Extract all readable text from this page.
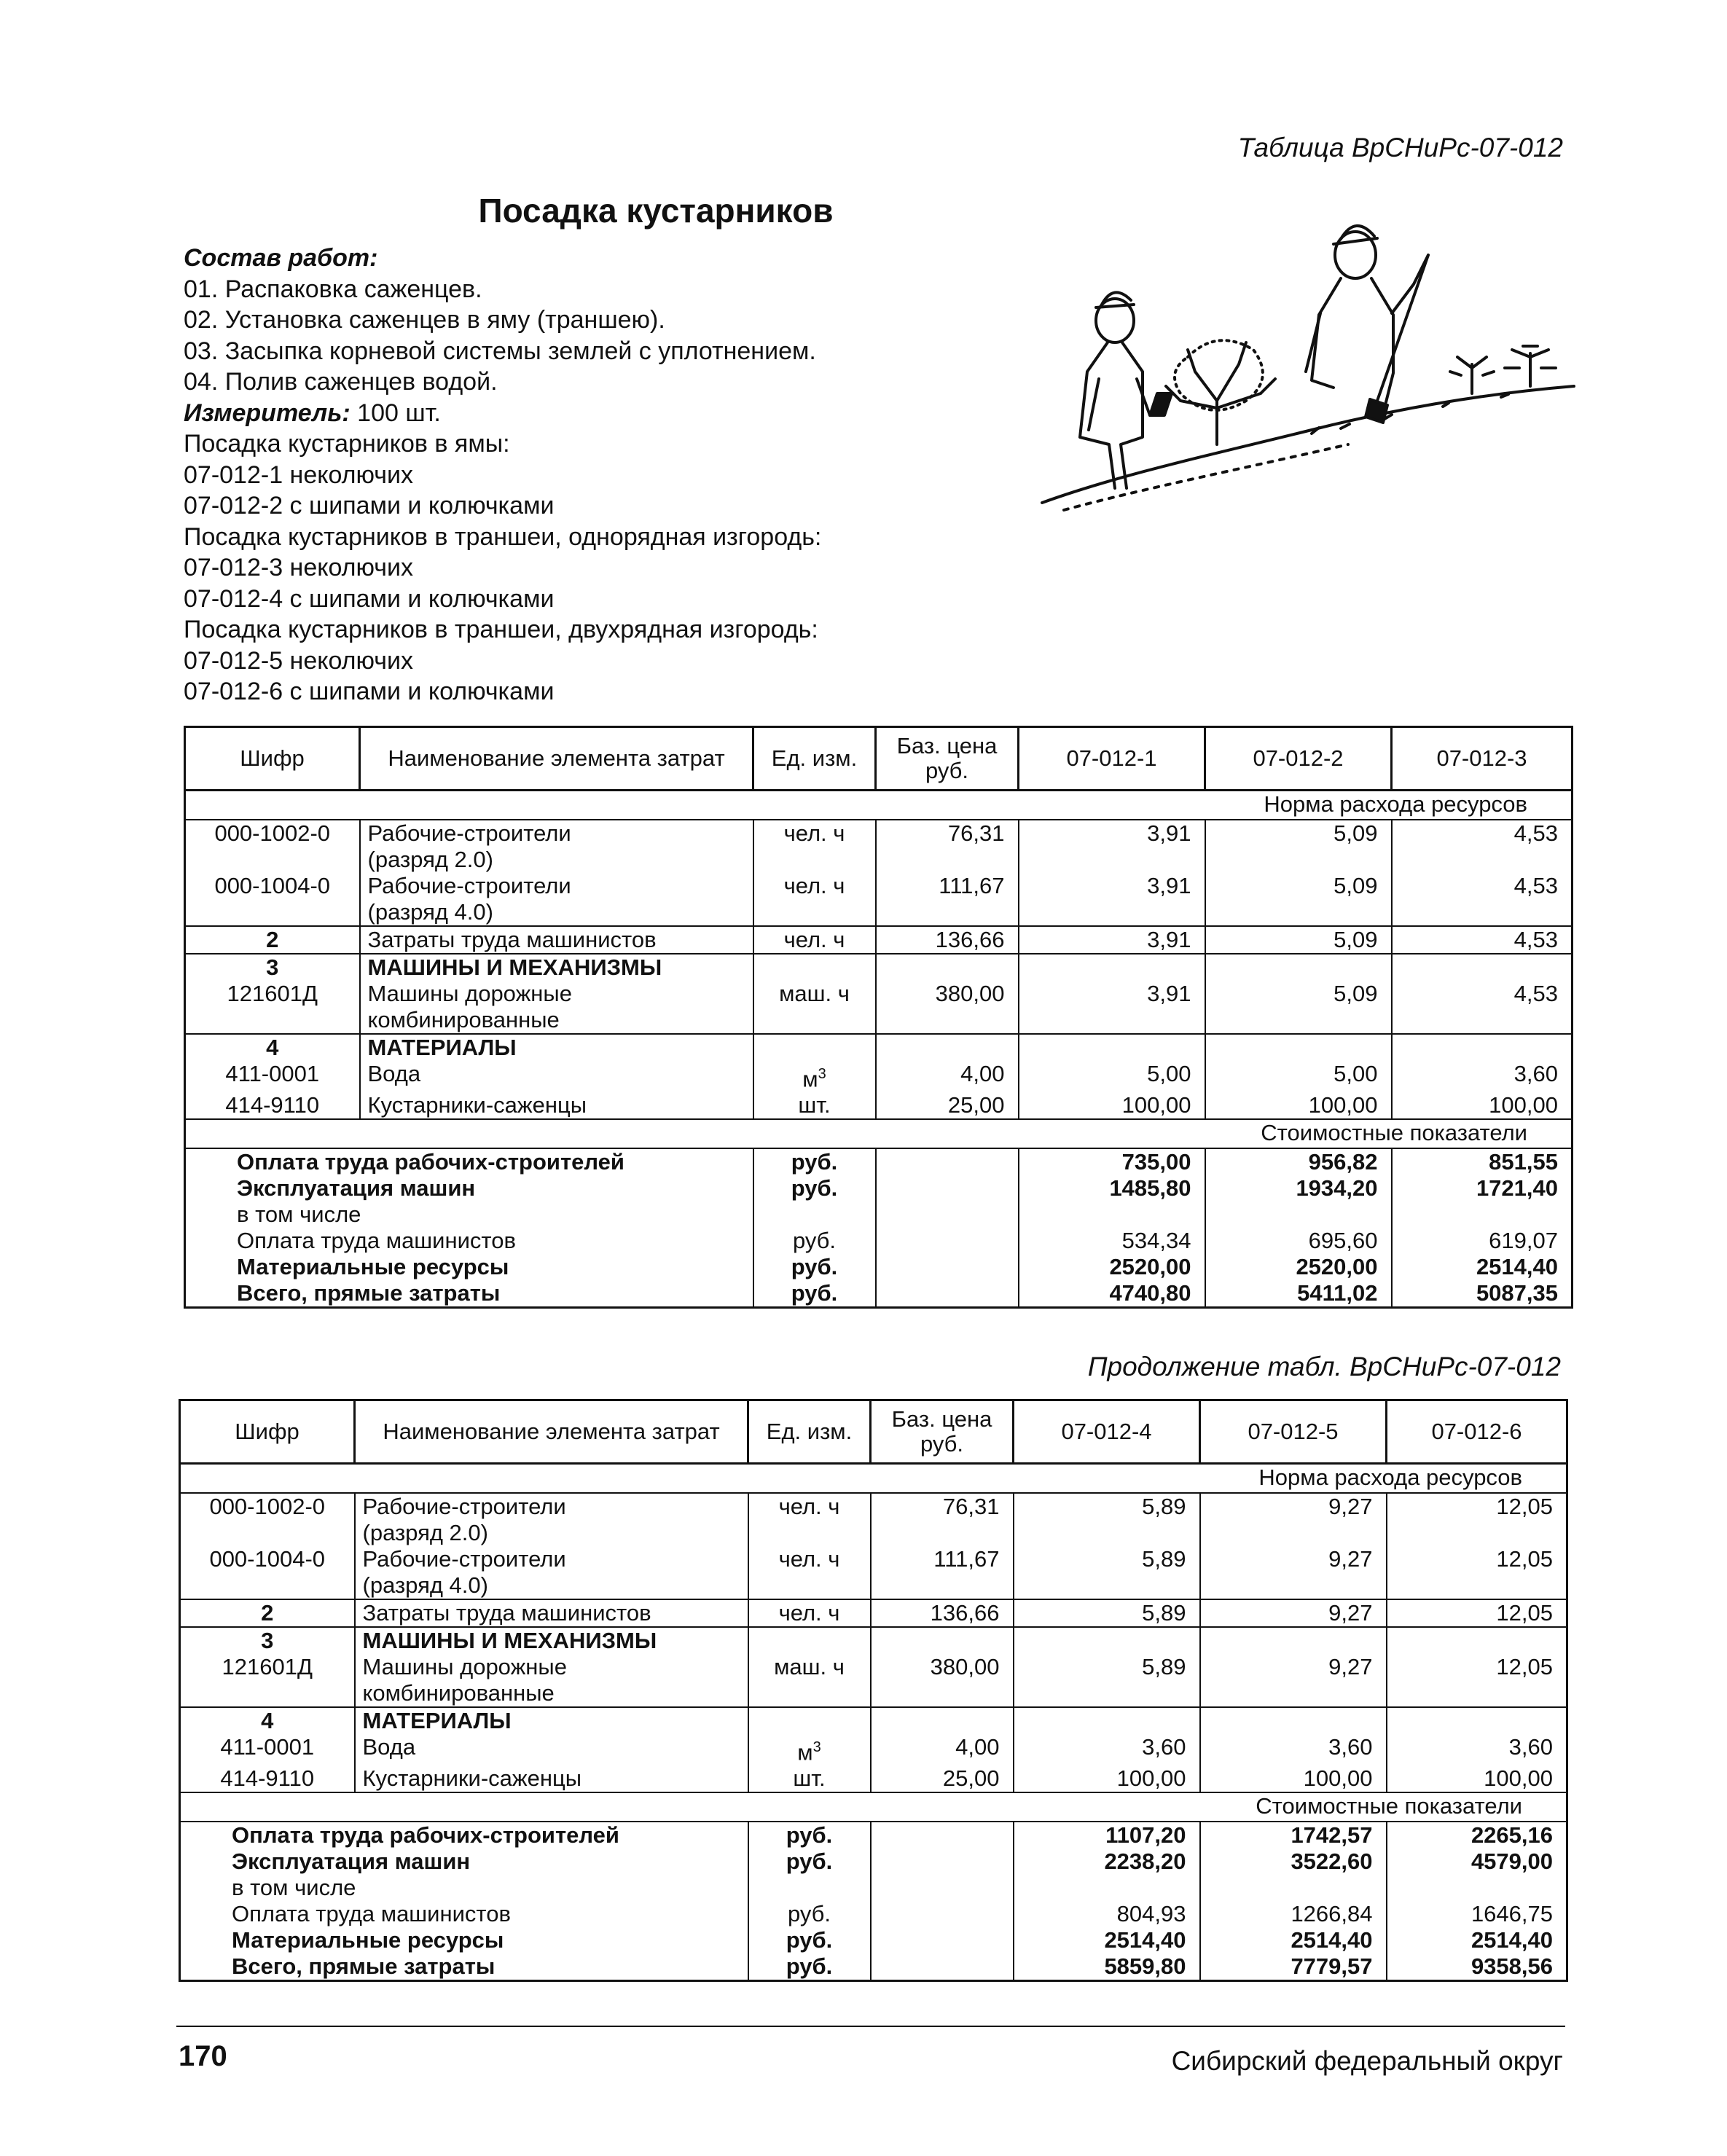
Таблица ВрСНиРс-07-012
Посадка кустарников
Состав работ:
01. Распаковка саженцев.
02. Установка саженцев в яму (траншею).
03. Засыпка корневой системы землей с уплотнением.
04. Полив саженцев водой.
Измеритель: 100 шт.
Посадка кустарников в ямы:
07-012-1 неколючих
07-012-2 с шипами и колючками
Посадка кустарников в траншеи, однорядная изгородь:
07-012-3 неколючих
07-012-4 с шипами и колючками
Посадка кустарников в траншеи, двухрядная изгородь:
07-012-5 неколючих
07-012-6 с шипами и колючками
Шифр	Наименование элемента затрат	Ед. изм.	Баз. цена руб.	07-012-1	07-012-2	07-012-3
Норма расхода ресурсов						
000-1002-0	Рабочие-строители
(разряд 2.0)	чел. ч	76,31	3,91	5,09	4,53
000-1004-0	Рабочие-строители
(разряд 4.0)	чел. ч	111,67	3,91	5,09	4,53
2	Затраты труда машинистов	чел. ч	136,66	3,91	5,09	4,53
3	МАШИНЫ И МЕХАНИЗМЫ					
121601Д	Машины дорожные
комбинированные	маш. ч	380,00	3,91	5,09	4,53
4	МАТЕРИАЛЫ					
411-0001	Вода	$м^3$	4,00	5,00	5,00	3,60
414-9110	Кустарники-саженцы	шт.	25,00	100,00	100,00	100,00
Стоимостные показатели						
Оплата труда рабочих-строителей		руб.		735,00	956,82	851,55
Эксплуатация машин		руб.		1485,80	1934,20	1721,40
в том числе						
Оплата труда машинистов		руб.		534,34	695,60	619,07
Материальные ресурсы		руб.		2520,00	2520,00	2514,40
Всего, прямые затраты		руб.		4740,80	5411,02	5087,35
Продолжение табл. ВрСНиРс-07-012
Шифр	Наименование элемента затрат	Ед. изм.	Баз. цена руб.	07-012-4	07-012-5	07-012-6
Норма расхода ресурсов						
000-1002-0	Рабочие-строители
(разряд 2.0)	чел. ч	76,31	5,89	9,27	12,05
000-1004-0	Рабочие-строители
(разряд 4.0)	чел. ч	111,67	5,89	9,27	12,05
2	Затраты труда машинистов	чел. ч	136,66	5,89	9,27	12,05
3	МАШИНЫ И МЕХАНИЗМЫ					
121601Д	Машины дорожные
комбинированные	маш. ч	380,00	5,89	9,27	12,05
4	МАТЕРИАЛЫ					
411-0001	Вода	$м^3$	4,00	3,60	3,60	3,60
414-9110	Кустарники-саженцы	шт.	25,00	100,00	100,00	100,00
Стоимостные показатели						
Оплата труда рабочих-строителей		руб.		1107,20	1742,57	2265,16
Эксплуатация машин		руб.		2238,20	3522,60	4579,00
в том числе						
Оплата труда машинистов		руб.		804,93	1266,84	1646,75
Материальные ресурсы		руб.		2514,40	2514,40	2514,40
Всего, прямые затраты		руб.		5859,80	7779,57	9358,56
170	Сибирский федеральный округ
